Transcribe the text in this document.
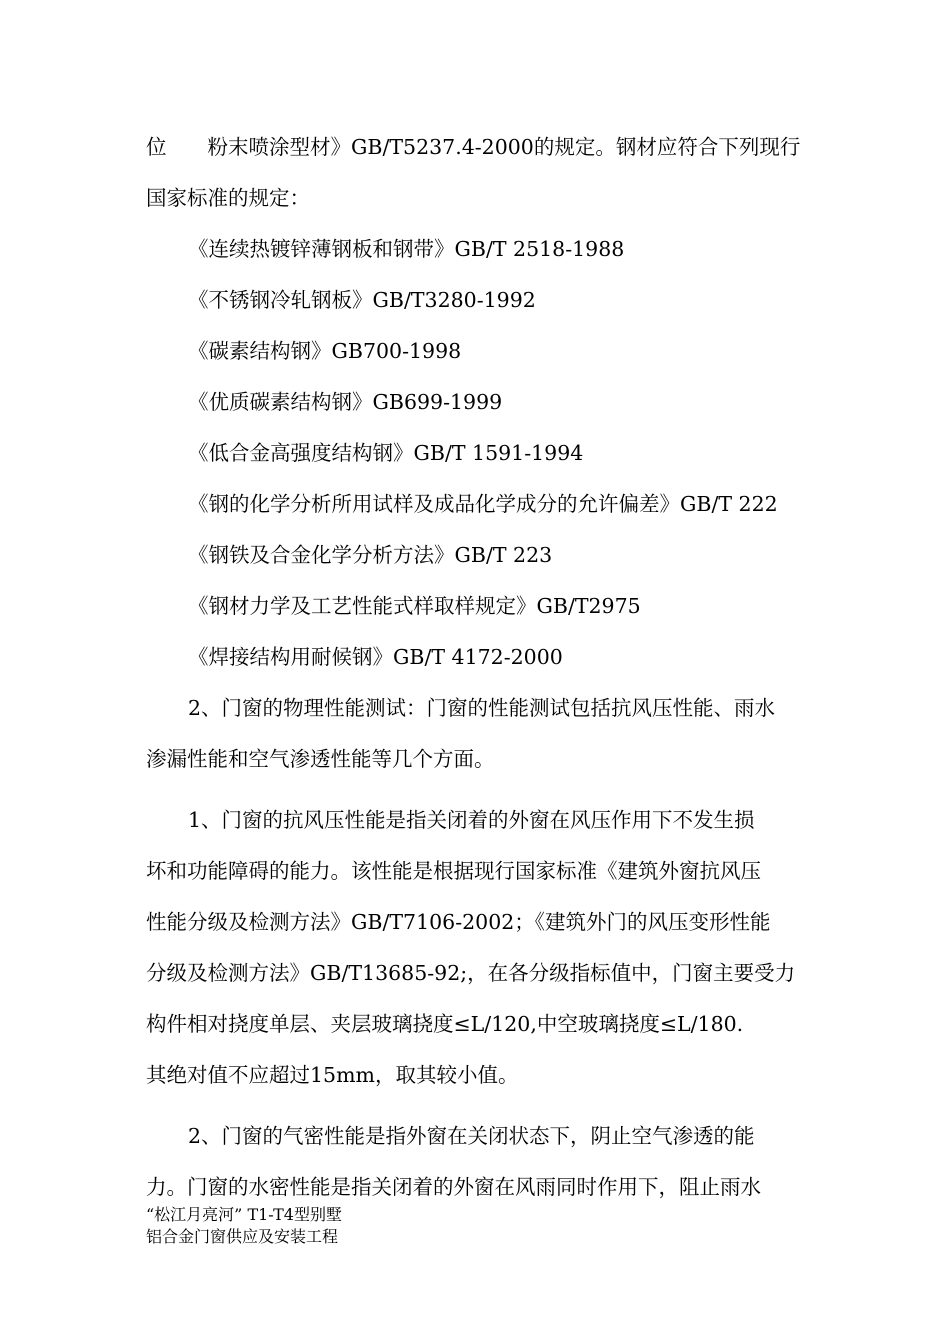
位　　粉末喷涂型材》GB/T5237.4-2000的规定。钢材应符合下列现行
国家标准的规定：
《连续热镀锌薄钢板和钢带》GB/T 2518-1988
《不锈钢冷轧钢板》GB/T3280-1992
《碳素结构钢》GB700-1998
《优质碳素结构钢》GB699-1999
《低合金高强度结构钢》GB/T 1591-1994
《钢的化学分析所用试样及成品化学成分的允许偏差》GB/T 222
《钢铁及合金化学分析方法》GB/T 223
《钢材力学及工艺性能式样取样规定》GB/T2975
《焊接结构用耐候钢》GB/T 4172-2000
2、门窗的物理性能测试：门窗的性能测试包括抗风压性能、雨水
渗漏性能和空气渗透性能等几个方面。
1、门窗的抗风压性能是指关闭着的外窗在风压作用下不发生损
坏和功能障碍的能力。该性能是根据现行国家标准《建筑外窗抗风压
性能分级及检测方法》GB/T7106-2002；《建筑外门的风压变形性能
分级及检测方法》GB/T13685-92;，在各分级指标值中，门窗主要受力
构件相对挠度单层、夹层玻璃挠度≤L/120,中空玻璃挠度≤L/180.
其绝对值不应超过15mm，取其较小值。
2、门窗的气密性能是指外窗在关闭状态下，阴止空气渗透的能
力。门窗的水密性能是指关闭着的外窗在风雨同时作用下，阻止雨水
“松江月亮河” T1-T4型别墅
铝合金门窗供应及安装工程
